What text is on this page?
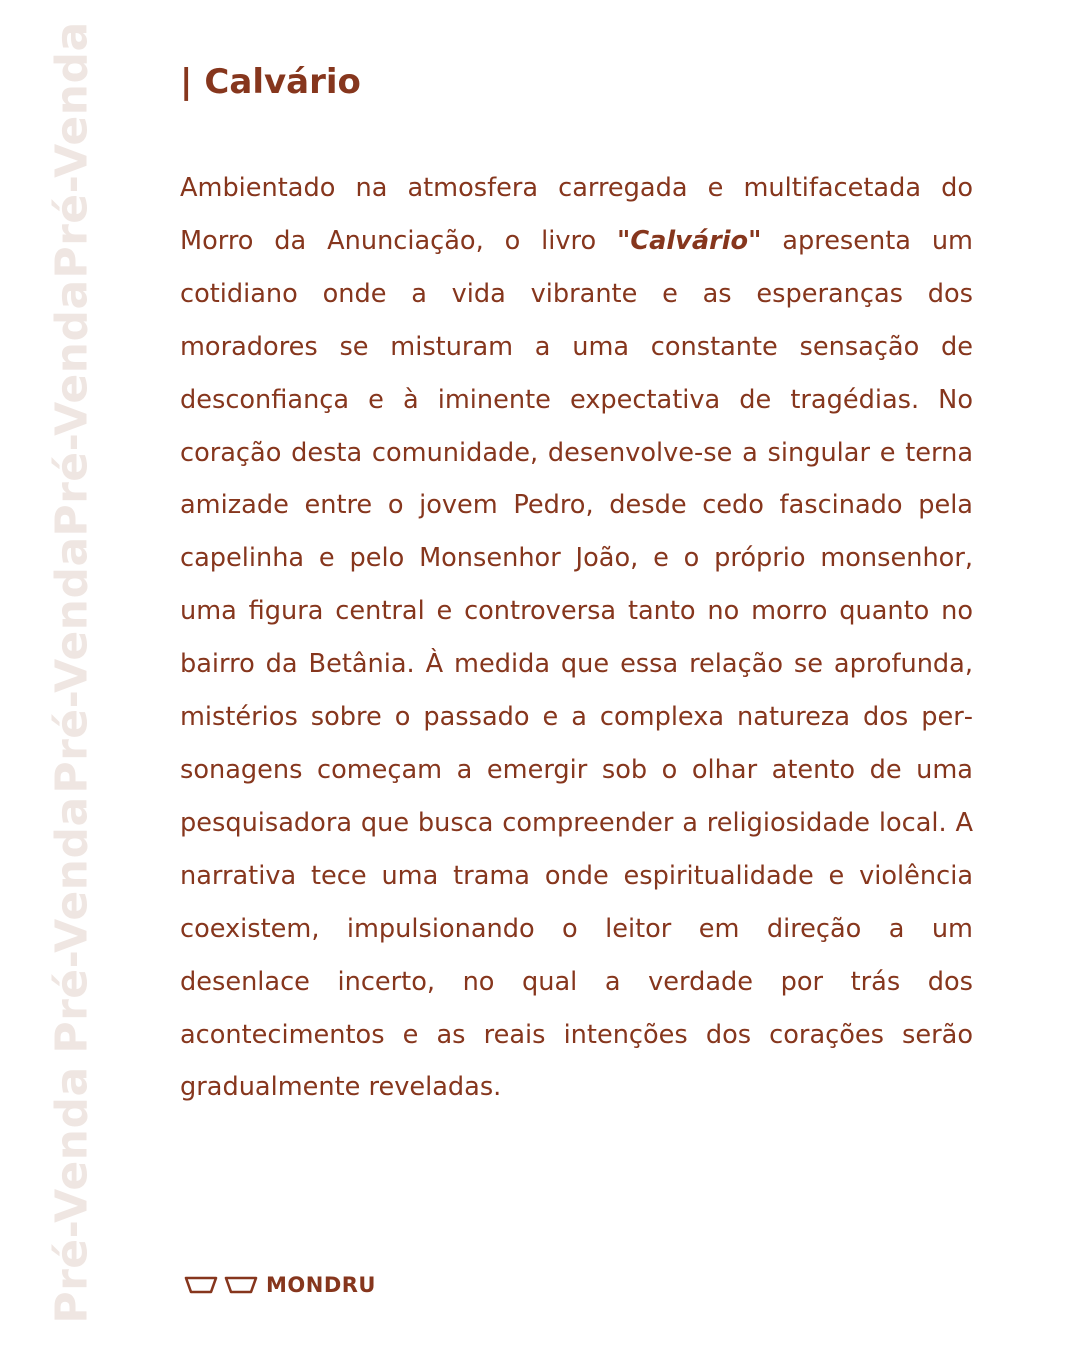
Pré-Venda
Pré-Venda
Pré-Venda
Pré-Venda
Pré-Venda | Calvário

Ambientado na atmosfera carregada e multifacetada do Morro da Anunciação, o livro "Calvário" apresenta um cotidiano onde a vida vibrante e as esperanças dos moradores se misturam a uma constante sensação de desconfiança e à iminente expectativa de tragédias. No coração desta comunidade, desenvolve-se a singular e terna amizade entre o jovem Pedro, desde cedo fascinado pela capelinha e pelo Monsenhor João, e o próprio monsenhor, uma figura central e controversa tanto no morro quanto no bairro da Betânia. À medida que essa relação se aprofunda, mistérios sobre o passado e a complexa natureza dos personagens começam a emergir sob o olhar atento de uma pesquisadora que busca compreender a religiosidade local. A narrativa tece uma trama onde espiritualidade e violência coexistem, impulsionando o leitor em direção a um desenlace incerto, no qual a verdade por trás dos acontecimentos e as reais intenções dos corações serão gradualmente reveladas.

MONDRU
